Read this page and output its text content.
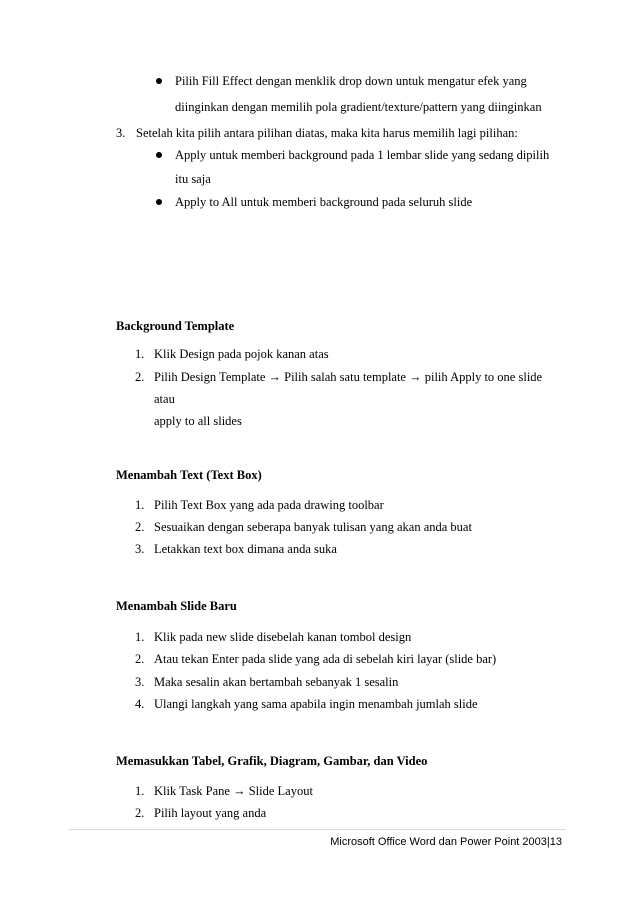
Pilih Fill Effect dengan menklik drop down untuk mengatur efek yang
diinginkan dengan memilih pola gradient/texture/pattern yang diinginkan
3. Setelah kita pilih antara pilihan diatas, maka kita harus memilih lagi pilihan:
Apply untuk memberi background pada 1 lembar slide yang sedang dipilih
itu saja
Apply to All untuk memberi background pada seluruh slide
Background Template
1. Klik Design pada pojok kanan atas
2. Pilih Design Template → Pilih salah satu template → pilih Apply to one slide
atau
apply to all slides
Menambah Text (Text Box)
1. Pilih Text Box yang ada pada drawing toolbar
2. Sesuaikan dengan seberapa banyak tulisan yang akan anda buat
3. Letakkan text box dimana anda suka
Menambah Slide Baru
1. Klik pada new slide disebelah kanan tombol design
2. Atau tekan Enter pada slide yang ada di sebelah kiri layar (slide bar)
3. Maka sesalin akan bertambah sebanyak 1 sesalin
4. Ulangi langkah yang sama apabila ingin menambah jumlah slide
Memasukkan Tabel, Grafik, Diagram, Gambar, dan Video
1. Klik Task Pane → Slide Layout
2. Pilih layout yang anda
Microsoft Office Word dan Power Point 2003|13
